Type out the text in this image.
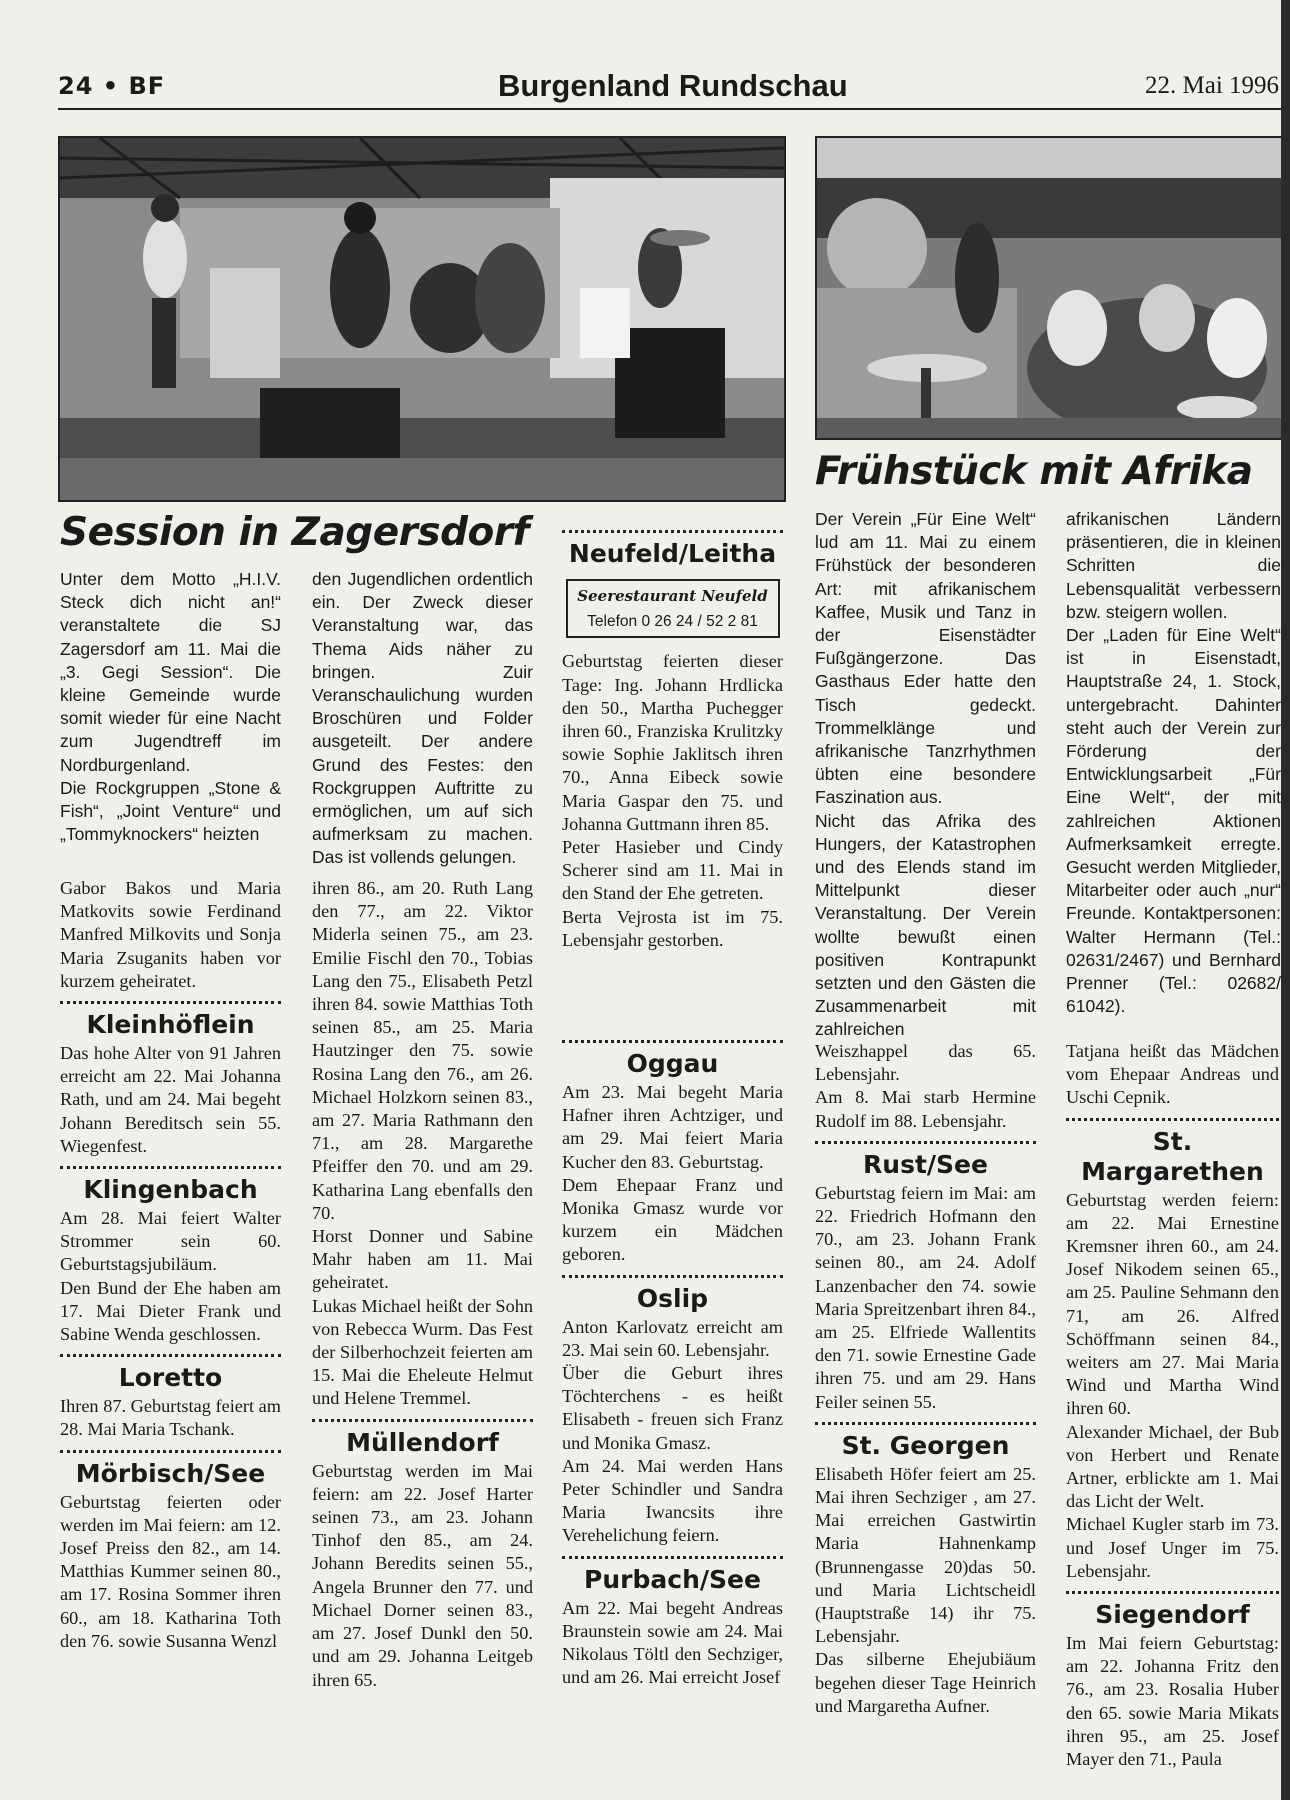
24 • BF	Burgenland Rundschau	22. Mai 1996
Session in Zagersdorf
Frühstück mit Afrika

Unter dem Motto „H.I.V. Steck dich nicht an!“ veranstaltete die SJ Zagersdorf am 11. Mai die „3. Gegi Session“. Die kleine Gemeinde wurde somit wieder für eine Nacht zum Jugendtreff im Nordburgenland.

Die Rockgruppen „Stone & Fish“, „Joint Venture“ und „Tommyknockers“ heizten

den Jugendlichen ordentlich ein. Der Zweck dieser Veranstaltung war, das Thema Aids näher zu bringen. Zuir Veranschaulichung wurden Broschüren und Folder ausgeteilt. Der andere Grund des Festes: den Rockgruppen Auftritte zu ermöglichen, um auf sich aufmerksam zu machen. Das ist vollends gelungen.

Der Verein „Für Eine Welt“ lud am 11. Mai zu einem Frühstück der besonderen Art: mit afrikanischem Kaffee, Musik und Tanz in der Eisenstädter Fußgängerzone. Das Gasthaus Eder hatte den Tisch gedeckt. Trommelklänge und afrikanische Tanzrhythmen übten eine besondere Faszination aus.

Nicht das Afrika des Hungers, der Katastrophen und des Elends stand im Mittelpunkt dieser Veranstaltung. Der Verein wollte bewußt einen positiven Kontrapunkt setzten und den Gästen die Zusammenarbeit mit zahlreichen

afrikanischen Ländern präsentieren, die in kleinen Schritten die Lebensqualität verbessern bzw. steigern wollen.

Der „Laden für Eine Welt“ ist in Eisenstadt, Hauptstraße 24, 1. Stock, untergebracht. Dahinter steht auch der Verein zur Förderung der Entwicklungsarbeit „Für Eine Welt“, der mit zahlreichen Aktionen Aufmerksamkeit erregte. Gesucht werden Mitglieder, Mitarbeiter oder auch „nur“ Freunde. Kontaktpersonen: Walter Hermann (Tel.: 02631/2467) und Bernhard Prenner (Tel.: 02682/ 61042).

Neufeld/Leitha
Seerestaurant Neufeld
Telefon 0 26 24 / 52 2 81

Geburtstag feierten dieser Tage: Ing. Johann Hrdlicka den 50., Martha Puchegger ihren 60., Franziska Krulitzky sowie Sophie Jaklitsch ihren 70., Anna Eibeck sowie Maria Gaspar den 75. und Johanna Guttmann ihren 85.

Peter Hasieber und Cindy Scherer sind am 11. Mai in den Stand der Ehe getreten.

Berta Vejrosta ist im 75. Lebensjahr gestorben.

Gabor Bakos und Maria Matkovits sowie Ferdinand Manfred Milkovits und Sonja Maria Zsuganits haben vor kurzem geheiratet.

Kleinhöflein

Das hohe Alter von 91 Jahren erreicht am 22. Mai Johanna Rath, und am 24. Mai begeht Johann Bereditsch sein 55. Wiegenfest.

Klingenbach

Am 28. Mai feiert Walter Strommer sein 60. Geburtstagsjubiläum.

Den Bund der Ehe haben am 17. Mai Dieter Frank und Sabine Wenda geschlossen.

Loretto

Ihren 87. Geburtstag feiert am 28. Mai Maria Tschank.

Mörbisch/See

Geburtstag feierten oder werden im Mai feiern: am 12. Josef Preiss den 82., am 14. Matthias Kummer seinen 80., am 17. Rosina Sommer ihren 60., am 18. Katharina Toth den 76. sowie Susanna Wenzl

ihren 86., am 20. Ruth Lang den 77., am 22. Viktor Miderla seinen 75., am 23. Emilie Fischl den 70., Tobias Lang den 75., Elisabeth Petzl ihren 84. sowie Matthias Toth seinen 85., am 25. Maria Hautzinger den 75. sowie Rosina Lang den 76., am 26. Michael Holzkorn seinen 83., am 27. Maria Rathmann den 71., am 28. Margarethe Pfeiffer den 70. und am 29. Katharina Lang ebenfalls den 70.

Horst Donner und Sabine Mahr haben am 11. Mai geheiratet.

Lukas Michael heißt der Sohn von Rebecca Wurm. Das Fest der Silberhochzeit feierten am 15. Mai die Eheleute Helmut und Helene Tremmel.

Müllendorf

Geburtstag werden im Mai feiern: am 22. Josef Harter seinen 73., am 23. Johann Tinhof den 85., am 24. Johann Beredits seinen 55., Angela Brunner den 77. und Michael Dorner seinen 83., am 27. Josef Dunkl den 50. und am 29. Johanna Leitgeb ihren 65.

Oggau

Am 23. Mai begeht Maria Hafner ihren Achtziger, und am 29. Mai feiert Maria Kucher den 83. Geburtstag.

Dem Ehepaar Franz und Monika Gmasz wurde vor kurzem ein Mädchen geboren.

Oslip

Anton Karlovatz erreicht am 23. Mai sein 60. Lebensjahr.

Über die Geburt ihres Töchterchens - es heißt Elisabeth - freuen sich Franz und Monika Gmasz.

Am 24. Mai werden Hans Peter Schindler und Sandra Maria Iwancsits ihre Verehelichung feiern.

Purbach/See

Am 22. Mai begeht Andreas Braunstein sowie am 24. Mai Nikolaus Töltl den Sechziger, und am 26. Mai erreicht Josef

Weiszhappel das 65. Lebensjahr.

Am 8. Mai starb Hermine Rudolf im 88. Lebensjahr.

Rust/See

Geburtstag feiern im Mai: am 22. Friedrich Hofmann den 70., am 23. Johann Frank seinen 80., am 24. Adolf Lanzenbacher den 74. sowie Maria Spreitzenbart ihren 84., am 25. Elfriede Wallentits den 71. sowie Ernestine Gade ihren 75. und am 29. Hans Feiler seinen 55.

St. Georgen

Elisabeth Höfer feiert am 25. Mai ihren Sechziger , am 27. Mai erreichen Gastwirtin Maria Hahnenkamp (Brunnengasse 20)das 50. und Maria Lichtscheidl (Hauptstraße 14) ihr 75. Lebensjahr.

Das silberne Ehejubiäum begehen dieser Tage Heinrich und Margaretha Aufner.

Tatjana heißt das Mädchen vom Ehepaar Andreas und Uschi Cepnik.

St. Margarethen

Geburtstag werden feiern: am 22. Mai Ernestine Kremsner ihren 60., am 24. Josef Nikodem seinen 65., am 25. Pauline Sehmann den 71, am 26. Alfred Schöffmann seinen 84., weiters am 27. Mai Maria Wind und Martha Wind ihren 60.

Alexander Michael, der Bub von Herbert und Renate Artner, erblickte am 1. Mai das Licht der Welt.

Michael Kugler starb im 73. und Josef Unger im 75. Lebensjahr.

Siegendorf

Im Mai feiern Geburtstag: am 22. Johanna Fritz den 76., am 23. Rosalia Huber den 65. sowie Maria Mikats ihren 95., am 25. Josef Mayer den 71., Paula
